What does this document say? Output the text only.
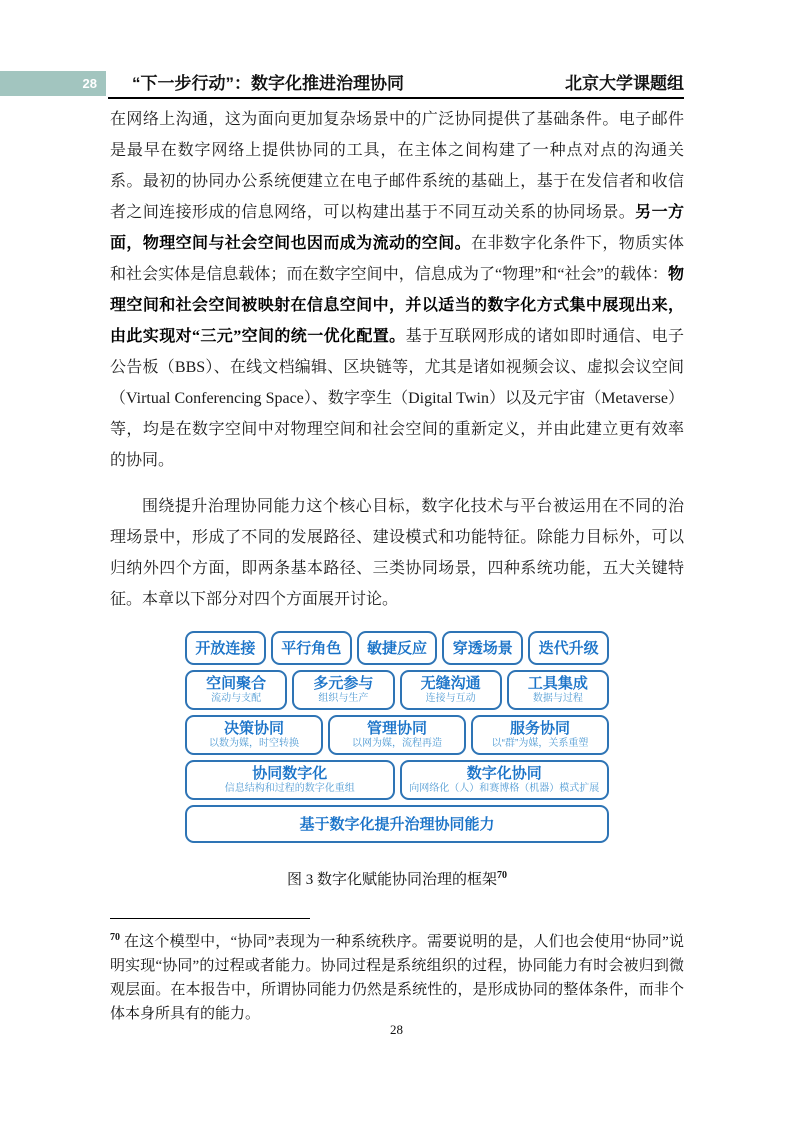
28 “下一步行动”：数字化推进治理协同	北京大学课题组

在网络上沟通，这为面向更加复杂场景中的广泛协同提供了基础条件。电子邮件是最早在数字网络上提供协同的工具，在主体之间构建了一种点对点的沟通关系。最初的协同办公系统便建立在电子邮件系统的基础上，基于在发信者和收信者之间连接形成的信息网络，可以构建出基于不同互动关系的协同场景。另一方面，物理空间与社会空间也因而成为流动的空间。在非数字化条件下，物质实体和社会实体是信息载体；而在数字空间中，信息成为了“物理”和“社会”的载体：物理空间和社会空间被映射在信息空间中，并以适当的数字化方式集中展现出来，由此实现对“三元”空间的统一优化配置。基于互联网形成的诸如即时通信、电子公告板（BBS）、在线文档编辑、区块链等，尤其是诸如视频会议、虚拟会议空间（Virtual Conferencing Space）、数字孪生（Digital Twin）以及元宇宙（Metaverse）等，均是在数字空间中对物理空间和社会空间的重新定义，并由此建立更有效率的协同。

围绕提升治理协同能力这个核心目标，数字化技术与平台被运用在不同的治理场景中，形成了不同的发展路径、建设模式和功能特征。除能力目标外，可以归纳外四个方面，即两条基本路径、三类协同场景，四种系统功能，五大关键特征。本章以下部分对四个方面展开讨论。

开放连接 平行角色 敏捷反应 穿透场景 迭代升级
空间聚合
流动与支配
多元参与
组织与生产
无缝沟通
连接与互动
工具集成
数据与过程
决策协同
以数为媒，时空转换
管理协同
以网为媒，流程再造
服务协同
以“群”为媒，关系重塑
协同数字化
信息结构和过程的数字化重组
数字化协同
向网络化（人）和赛博格（机器）模式扩展
基于数字化提升治理协同能力
图 3 数字化赋能协同治理的框架$^{70}$
$^{70}$ 在这个模型中，“协同”表现为一种系统秩序。需要说明的是，人们也会使用“协同”说明实现“协同”的过程或者能力。协同过程是系统组织的过程，协同能力有时会被归到微观层面。在本报告中，所谓协同能力仍然是系统性的，是形成协同的整体条件，而非个体本身所具有的能力。
28
